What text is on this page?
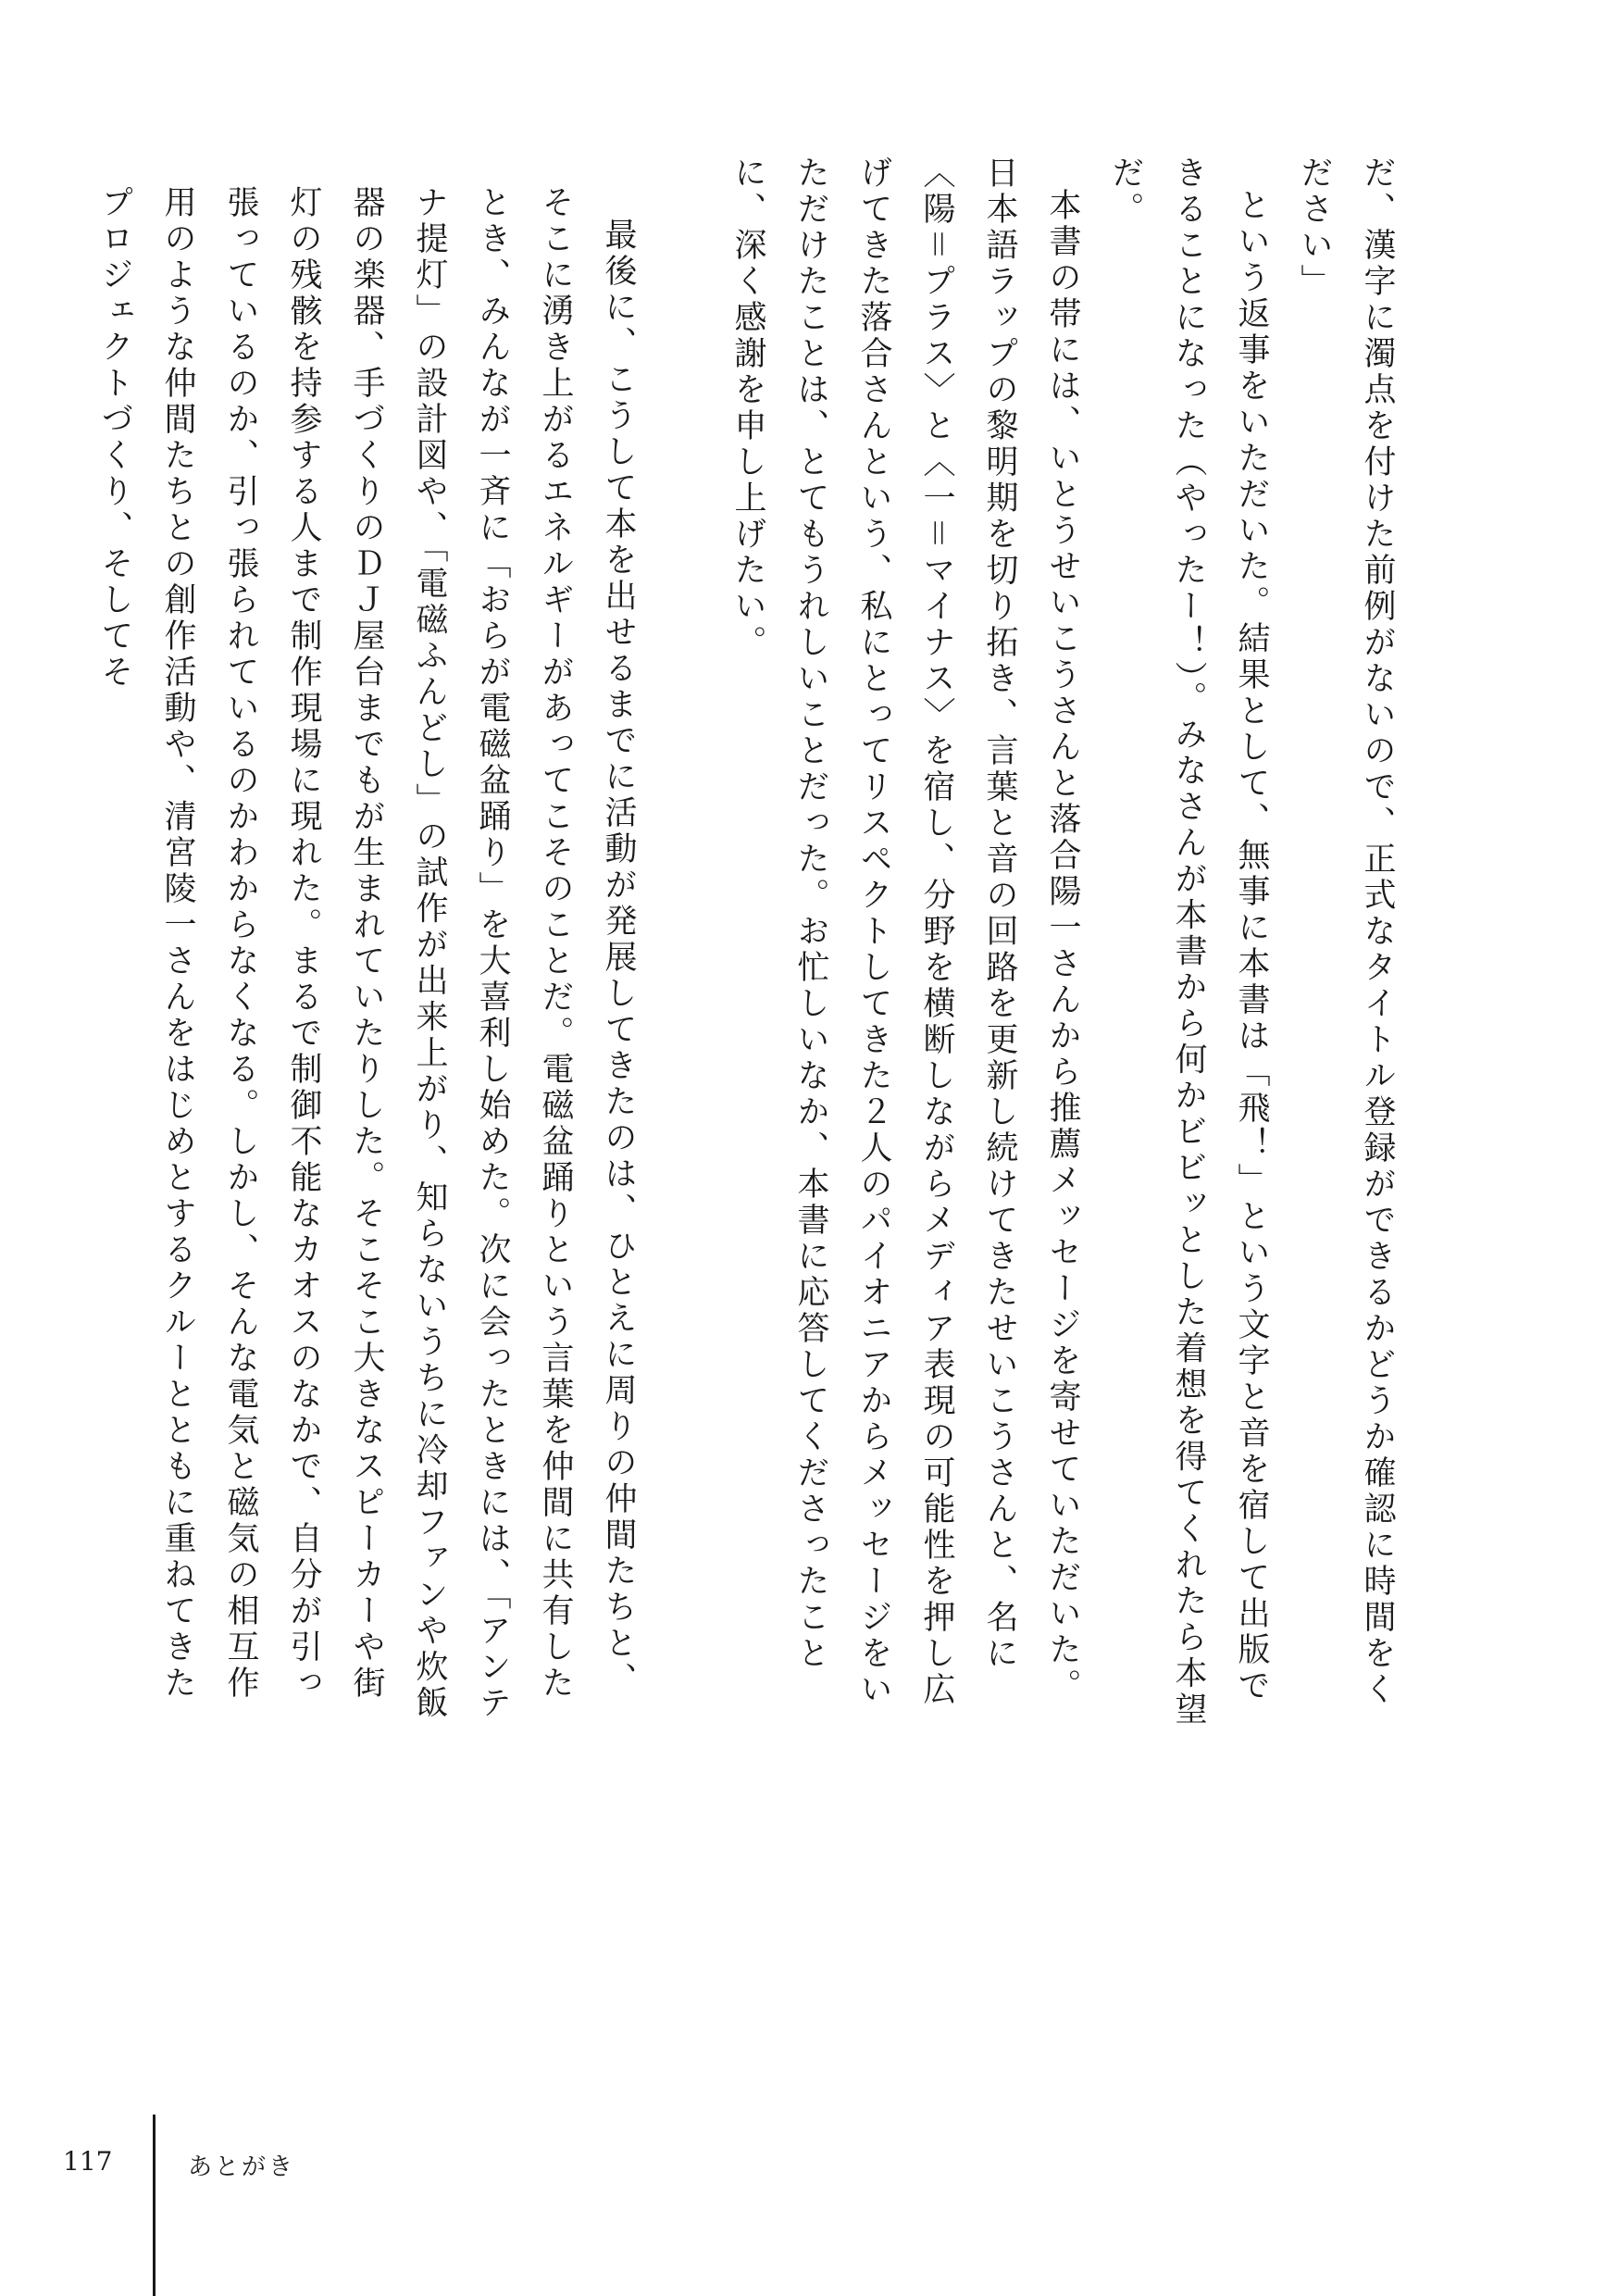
だ、漢字に濁点を付けた前例がないので、正式なタイトル登録ができるかどうか確認に時間をください」

という返事をいただいた。結果として、無事に本書は「飛！」という文字と音を宿して出版できることになった（やったー！）。みなさんが本書から何かビビッとした着想を得てくれたら本望だ。

本書の帯には、いとうせいこうさんと落合陽一さんから推薦メッセージを寄せていただいた。日本語ラップの黎明期を切り拓き、言葉と音の回路を更新し続けてきたせいこうさんと、名に〈陽＝プラス〉と〈一＝マイナス〉を宿し、分野を横断しながらメディア表現の可能性を押し広げてきた落合さんという、私にとってリスペクトしてきた２人のパイオニアからメッセージをいただけたことは、とてもうれしいことだった。お忙しいなか、本書に応答してくださったことに、深く感謝を申し上げたい。

最後に、こうして本を出せるまでに活動が発展してきたのは、ひとえに周りの仲間たちと、そこに湧き上がるエネルギーがあってこそのことだ。電磁盆踊りという言葉を仲間に共有したとき、みんなが一斉に「おらが電磁盆踊り」を大喜利し始めた。次に会ったときには、「アンテナ提灯」の設計図や、「電磁ふんどし」の試作が出来上がり、知らないうちに冷却ファンや炊飯器の楽器、手づくりのＤＪ屋台までもが生まれていたりした。そこそこ大きなスピーカーや街灯の残骸を持参する人まで制作現場に現れた。まるで制御不能なカオスのなかで、自分が引っ張っているのか、引っ張られているのかわからなくなる。しかし、そんな電気と磁気の相互作用のような仲間たちとの創作活動や、清宮陵一さんをはじめとするクルーとともに重ねてきたプロジェクトづくり、そしてそ

117	あとがき
